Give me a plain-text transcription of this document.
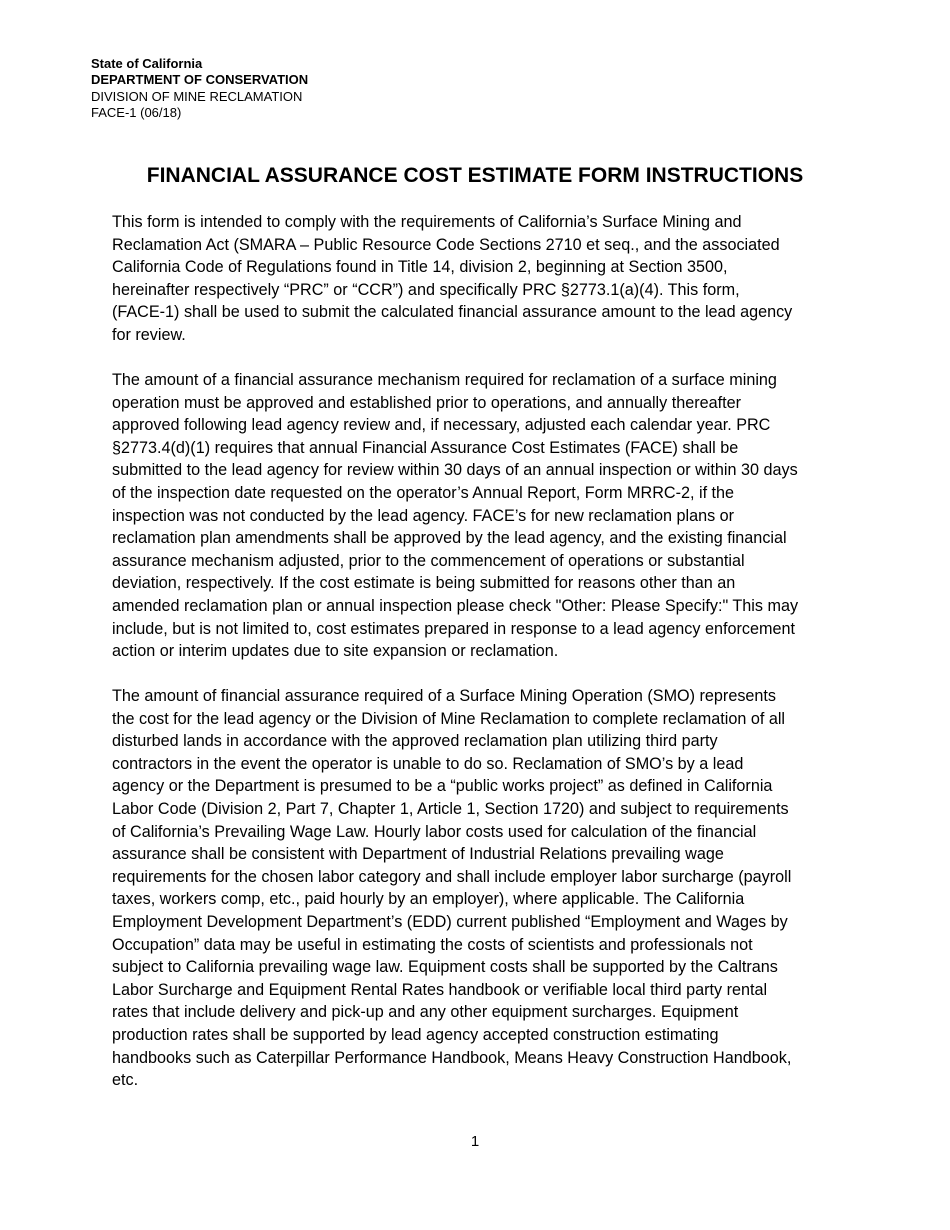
State of California
DEPARTMENT OF CONSERVATION
DIVISION OF MINE RECLAMATION
FACE-1 (06/18)
FINANCIAL ASSURANCE COST ESTIMATE FORM INSTRUCTIONS
This form is intended to comply with the requirements of California’s Surface Mining and
Reclamation Act (SMARA – Public Resource Code Sections 2710 et seq., and the associated
California Code of Regulations found in Title 14, division 2, beginning at Section 3500,
hereinafter respectively “PRC” or “CCR”) and specifically PRC §2773.1(a)(4). This form,
(FACE-1) shall be used to submit the calculated financial assurance amount to the lead agency
for review.
The amount of a financial assurance mechanism required for reclamation of a surface mining
operation must be approved and established prior to operations, and annually thereafter
approved following lead agency review and, if necessary, adjusted each calendar year. PRC
§2773.4(d)(1) requires that annual Financial Assurance Cost Estimates (FACE) shall be
submitted to the lead agency for review within 30 days of an annual inspection or within 30 days
of the inspection date requested on the operator’s Annual Report, Form MRRC-2, if the
inspection was not conducted by the lead agency. FACE’s for new reclamation plans or
reclamation plan amendments shall be approved by the lead agency, and the existing financial
assurance mechanism adjusted, prior to the commencement of operations or substantial
deviation, respectively. If the cost estimate is being submitted for reasons other than an
amended reclamation plan or annual inspection please check "Other: Please Specify:" This may
include, but is not limited to, cost estimates prepared in response to a lead agency enforcement
action or interim updates due to site expansion or reclamation.
The amount of financial assurance required of a Surface Mining Operation (SMO) represents
the cost for the lead agency or the Division of Mine Reclamation to complete reclamation of all
disturbed lands in accordance with the approved reclamation plan utilizing third party
contractors in the event the operator is unable to do so. Reclamation of SMO’s by a lead
agency or the Department is presumed to be a “public works project” as defined in California
Labor Code (Division 2, Part 7, Chapter 1, Article 1, Section 1720) and subject to requirements
of California’s Prevailing Wage Law. Hourly labor costs used for calculation of the financial
assurance shall be consistent with Department of Industrial Relations prevailing wage
requirements for the chosen labor category and shall include employer labor surcharge (payroll
taxes, workers comp, etc., paid hourly by an employer), where applicable. The California
Employment Development Department’s (EDD) current published “Employment and Wages by
Occupation” data may be useful in estimating the costs of scientists and professionals not
subject to California prevailing wage law. Equipment costs shall be supported by the Caltrans
Labor Surcharge and Equipment Rental Rates handbook or verifiable local third party rental
rates that include delivery and pick-up and any other equipment surcharges. Equipment
production rates shall be supported by lead agency accepted construction estimating
handbooks such as Caterpillar Performance Handbook, Means Heavy Construction Handbook,
etc.
1
